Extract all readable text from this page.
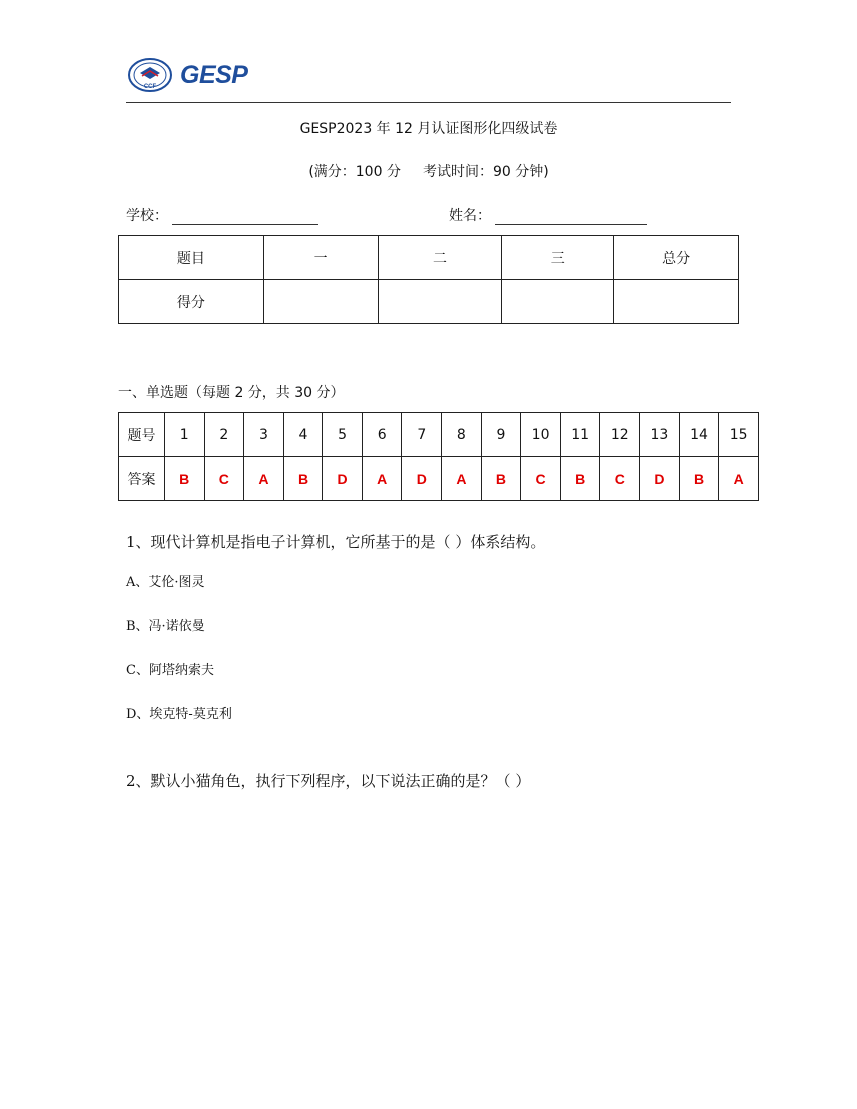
CCF GESP
GESP2023 年 12 月认证图形化四级试卷
(满分：100 分 考试时间：90 分钟)
学校：	姓名：
题目	一	二	三	总分
得分				
一、单选题（每题 2 分，共 30 分）
题号	1	2	3	4	5	6	7	8	9	10	11	12	13	14	15
答案	B	C	A	B	D	A	D	A	B	C	B	C	D	B	A
1、现代计算机是指电子计算机，它所基于的是（ ）体系结构。
A、艾伦·图灵
B、冯·诺依曼
C、阿塔纳索夫
D、埃克特-莫克利
2、默认小猫角色，执行下列程序，以下说法正确的是？（ ）
